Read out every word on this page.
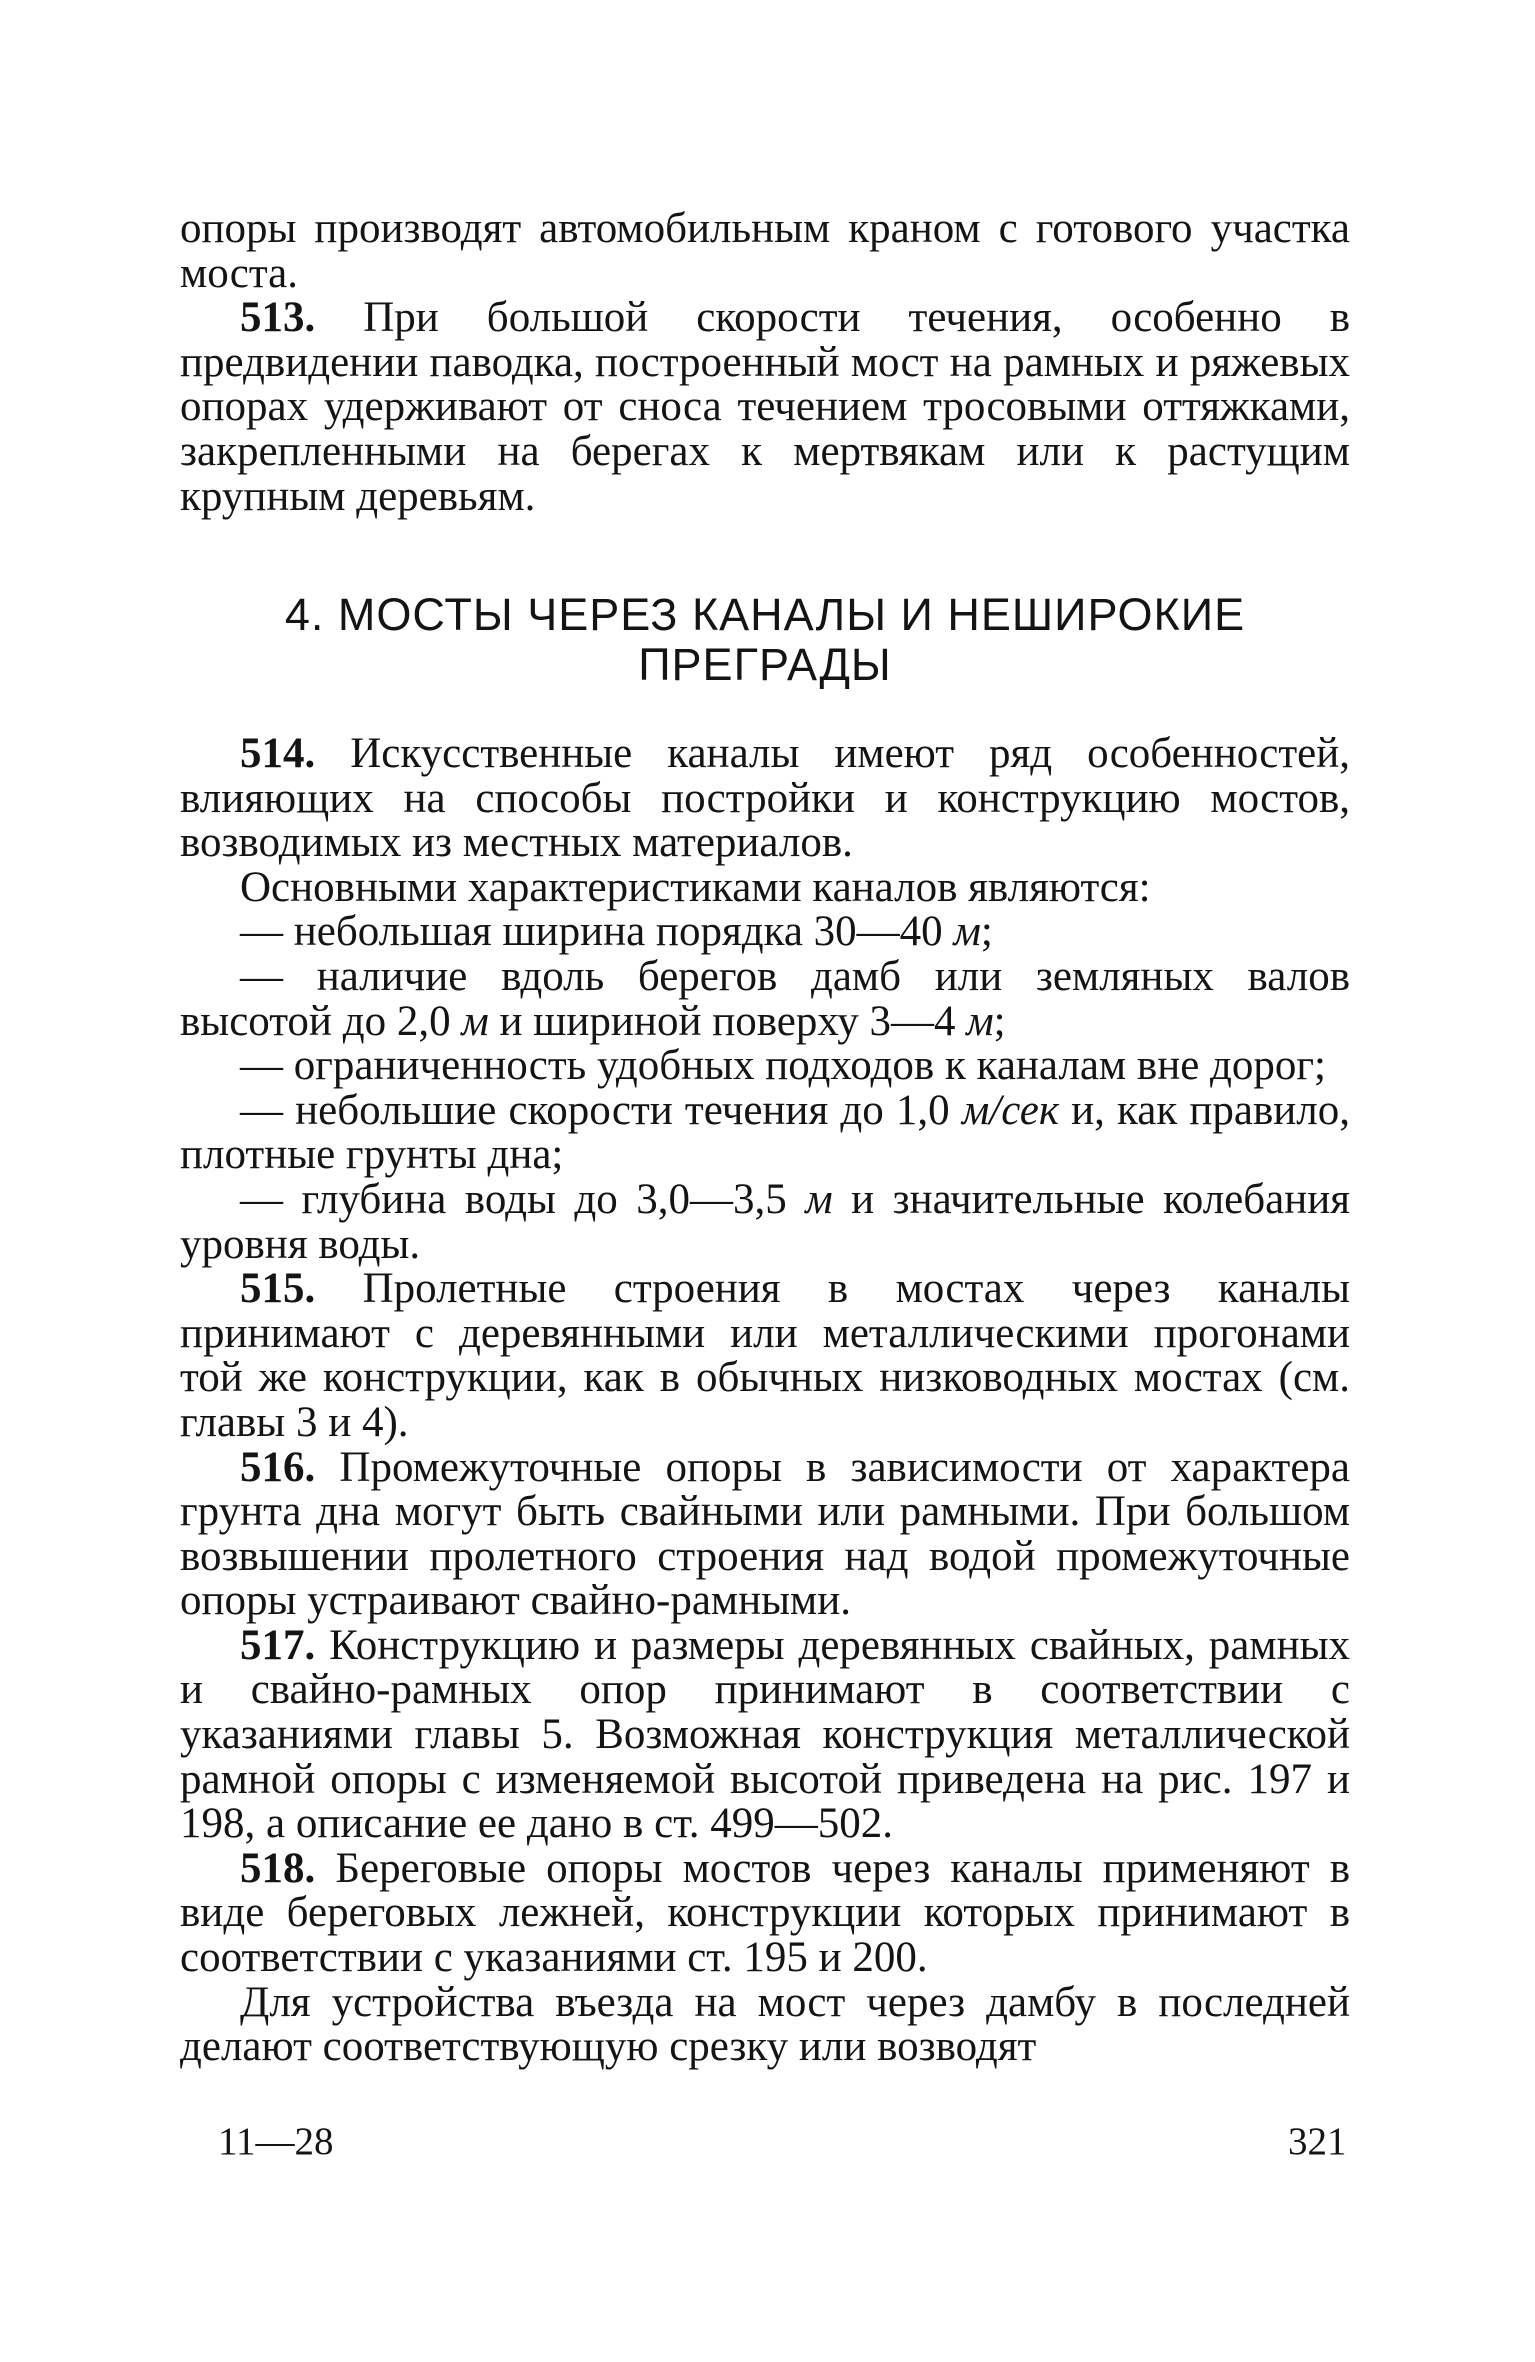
опоры производят автомобильным краном с готового участка моста.

513. При большой скорости течения, особенно в предвидении паводка, построенный мост на рамных и ряжевых опорах удерживают от сноса течением тросовыми оттяжками, закрепленными на берегах к мертвякам или к растущим крупным деревьям.

4. МОСТЫ ЧЕРЕЗ КАНАЛЫ И НЕШИРОКИЕ
ПРЕГРАДЫ

514. Искусственные каналы имеют ряд особенностей, влияющих на способы постройки и конструкцию мостов, возводимых из местных материалов.

Основными характеристиками каналов являются:

— небольшая ширина порядка 30—40 м;

— наличие вдоль берегов дамб или земляных валов высотой до 2,0 м и шириной поверху 3—4 м;

— ограниченность удобных подходов к каналам вне дорог;

— небольшие скорости течения до 1,0 м/сек и, как правило, плотные грунты дна;

— глубина воды до 3,0—3,5 м и значительные колебания уровня воды.

515. Пролетные строения в мостах через каналы принимают с деревянными или металлическими прогонами той же конструкции, как в обычных низководных мостах (см. главы 3 и 4).

516. Промежуточные опоры в зависимости от характера грунта дна могут быть свайными или рамными. При большом возвышении пролетного строения над водой промежуточные опоры устраивают свайно-рамными.

517. Конструкцию и размеры деревянных свайных, рамных и свайно-рамных опор принимают в соответствии с указаниями главы 5. Возможная конструкция металлической рамной опоры с изменяемой высотой приведена на рис. 197 и 198, а описание ее дано в ст. 499—502.

518. Береговые опоры мостов через каналы применяют в виде береговых лежней, конструкции которых принимают в соответствии с указаниями ст. 195 и 200.

Для устройства въезда на мост через дамбу в последней делают соответствующую срезку или возводят

11—28	321
